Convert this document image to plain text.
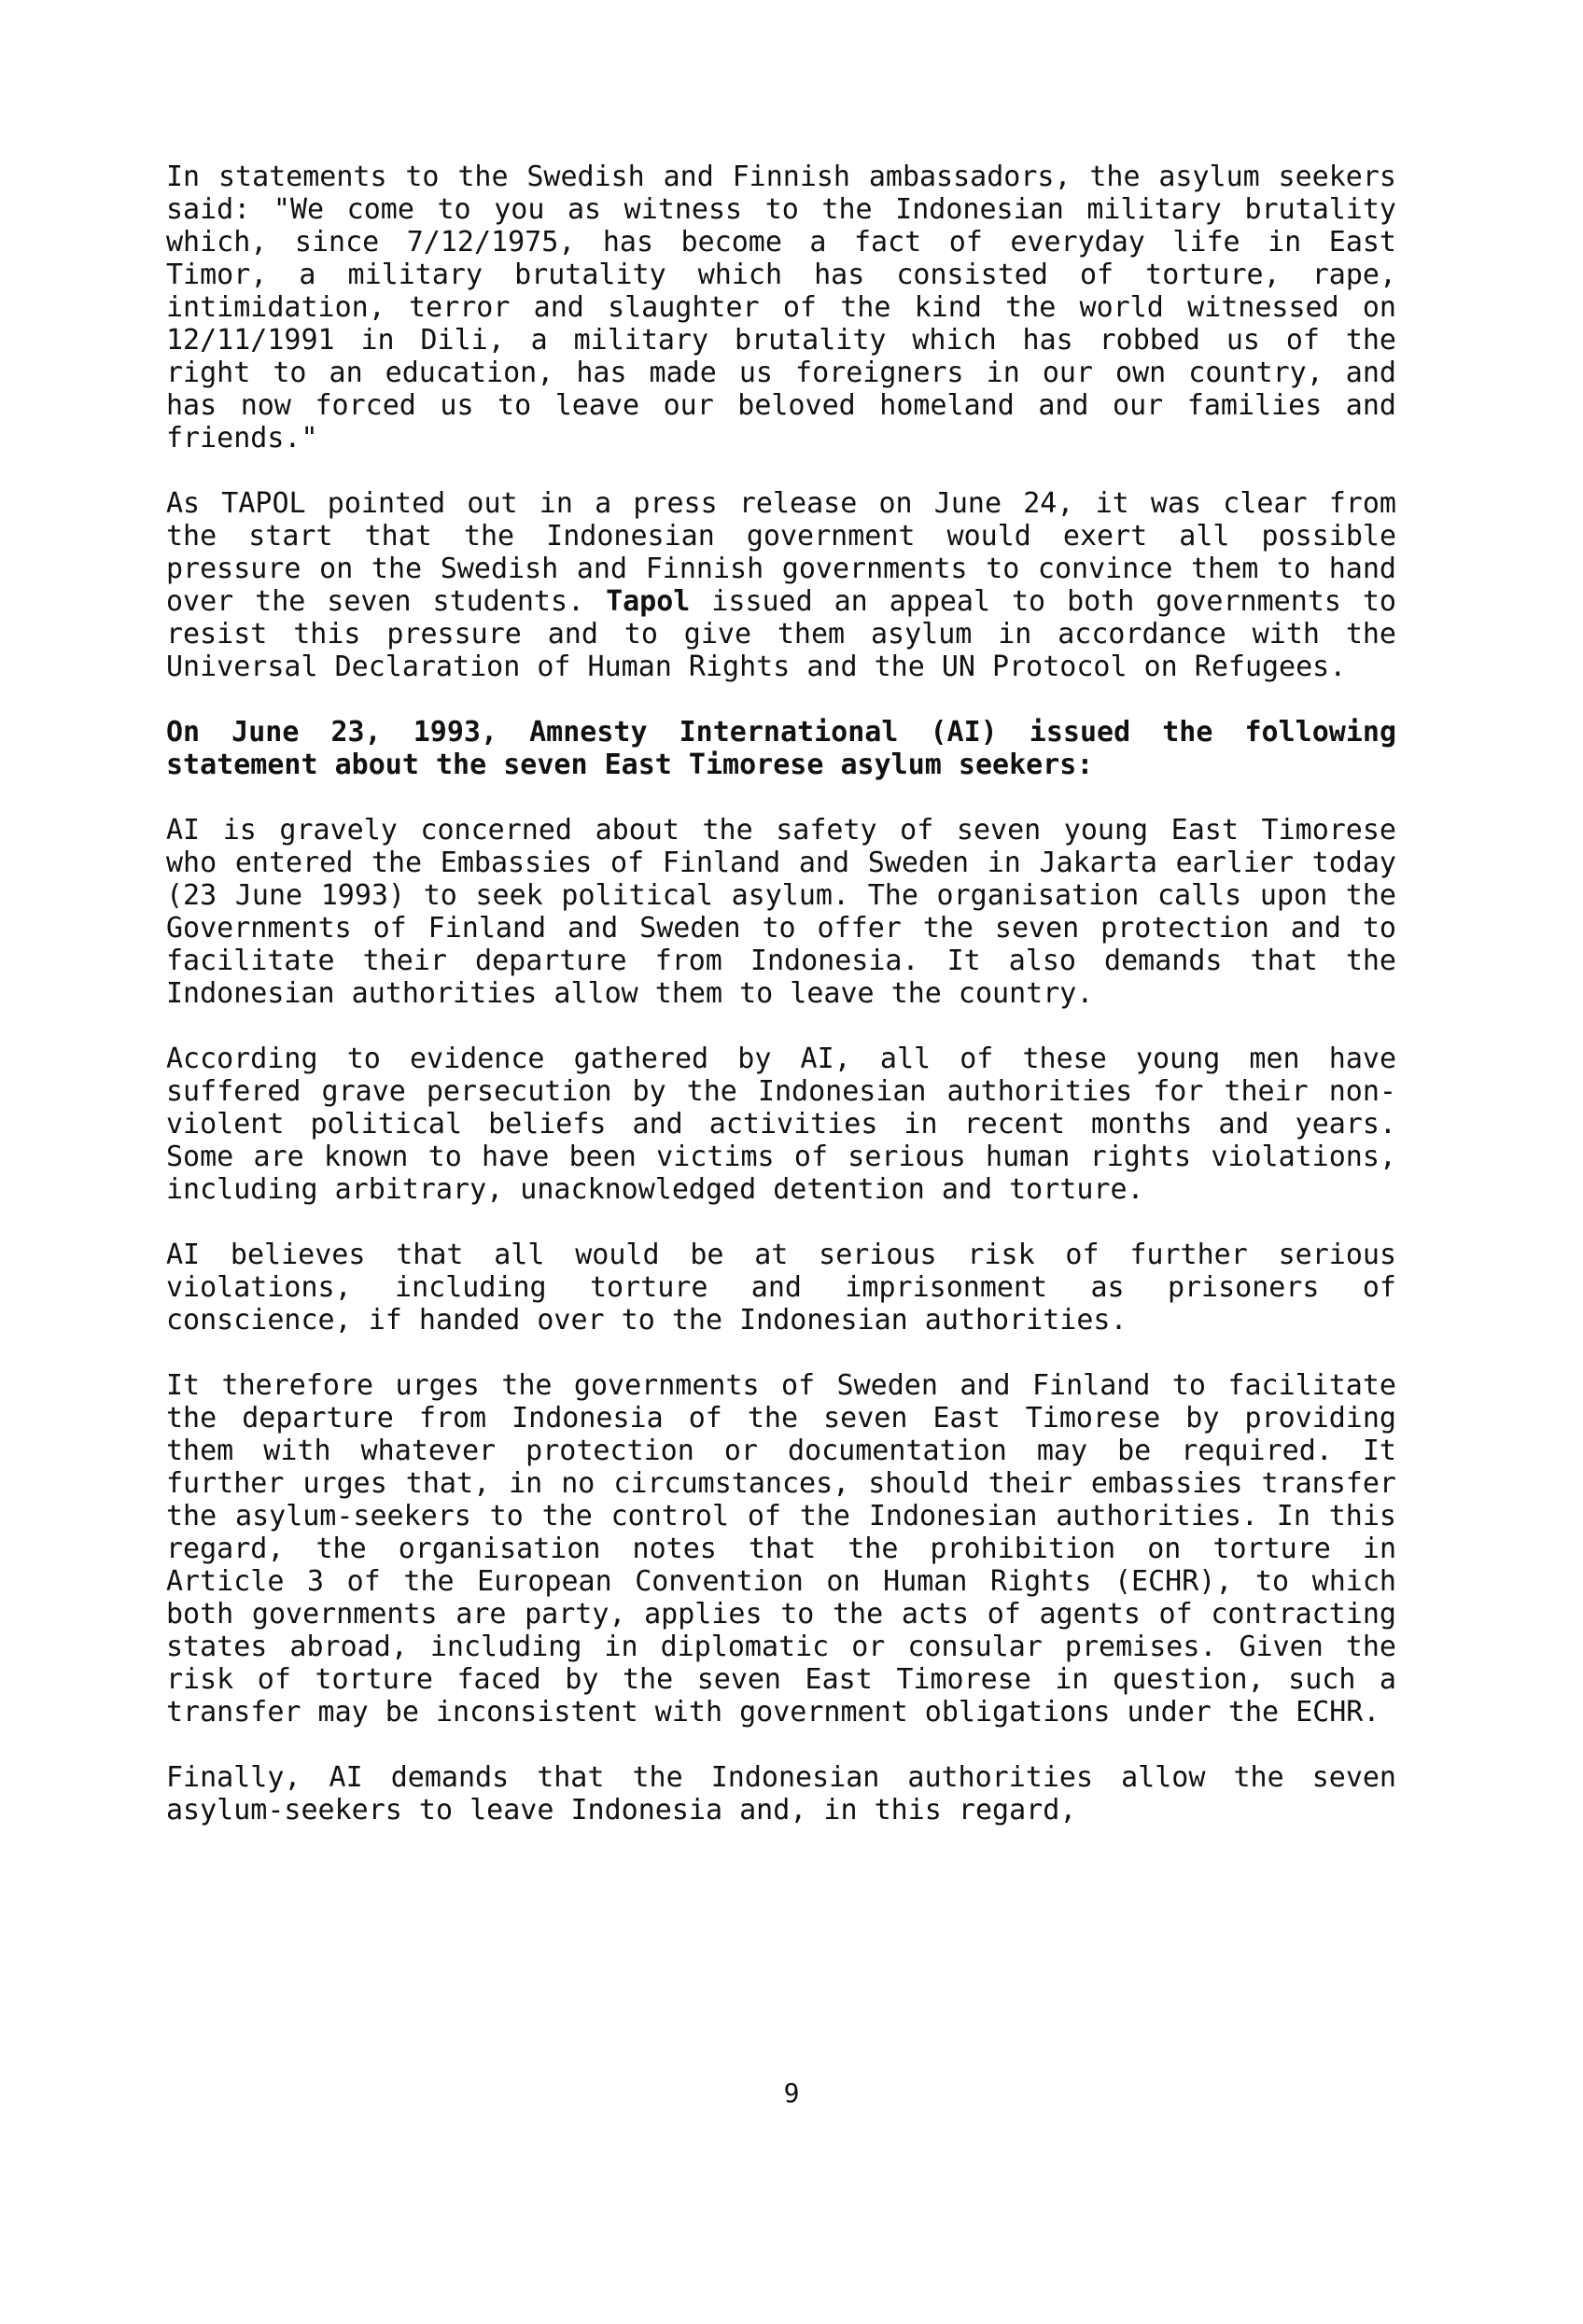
In statements to the Swedish and Finnish ambassadors, the asylum seekers said: "We come to you as witness to the Indonesian military brutality which, since 7/12/1975, has become a fact of everyday life in East Timor, a military brutality which has consisted of torture, rape, intimidation, terror and slaughter of the kind the world witnessed on 12/11/1991 in Dili, a military brutality which has robbed us of the right to an education, has made us foreigners in our own country, and has now forced us to leave our beloved homeland and our families and friends."

As TAPOL pointed out in a press release on June 24, it was clear from the start that the Indonesian government would exert all possible pressure on the Swedish and Finnish governments to convince them to hand over the seven students. Tapol issued an appeal to both governments to resist this pressure and to give them asylum in accordance with the Universal Declaration of Human Rights and the UN Protocol on Refugees.

On June 23, 1993, Amnesty International (AI) issued the following statement about the seven East Timorese asylum seekers:

AI is gravely concerned about the safety of seven young East Timorese who entered the Embassies of Finland and Sweden in Jakarta earlier today (23 June 1993) to seek political asylum. The organisation calls upon the Governments of Finland and Sweden to offer the seven protection and to facilitate their departure from Indonesia. It also demands that the Indonesian authorities allow them to leave the country.

According to evidence gathered by AI, all of these young men have suffered grave persecution by the Indonesian authorities for their non-violent political beliefs and activities in recent months and years. Some are known to have been victims of serious human rights violations, including arbitrary, unacknowledged detention and torture.

AI believes that all would be at serious risk of further serious violations, including torture and imprisonment as prisoners of conscience, if handed over to the Indonesian authorities.

It therefore urges the governments of Sweden and Finland to facilitate the departure from Indonesia of the seven East Timorese by providing them with whatever protection or documentation may be required. It further urges that, in no circumstances, should their embassies transfer the asylum-seekers to the control of the Indonesian authorities. In this regard, the organisation notes that the prohibition on torture in Article 3 of the European Convention on Human Rights (ECHR), to which both governments are party, applies to the acts of agents of contracting states abroad, including in diplomatic or consular premises. Given the risk of torture faced by the seven East Timorese in question, such a transfer may be inconsistent with government obligations under the ECHR.

Finally, AI demands that the Indonesian authorities allow the seven asylum-seekers to leave Indonesia and, in this regard,

9
